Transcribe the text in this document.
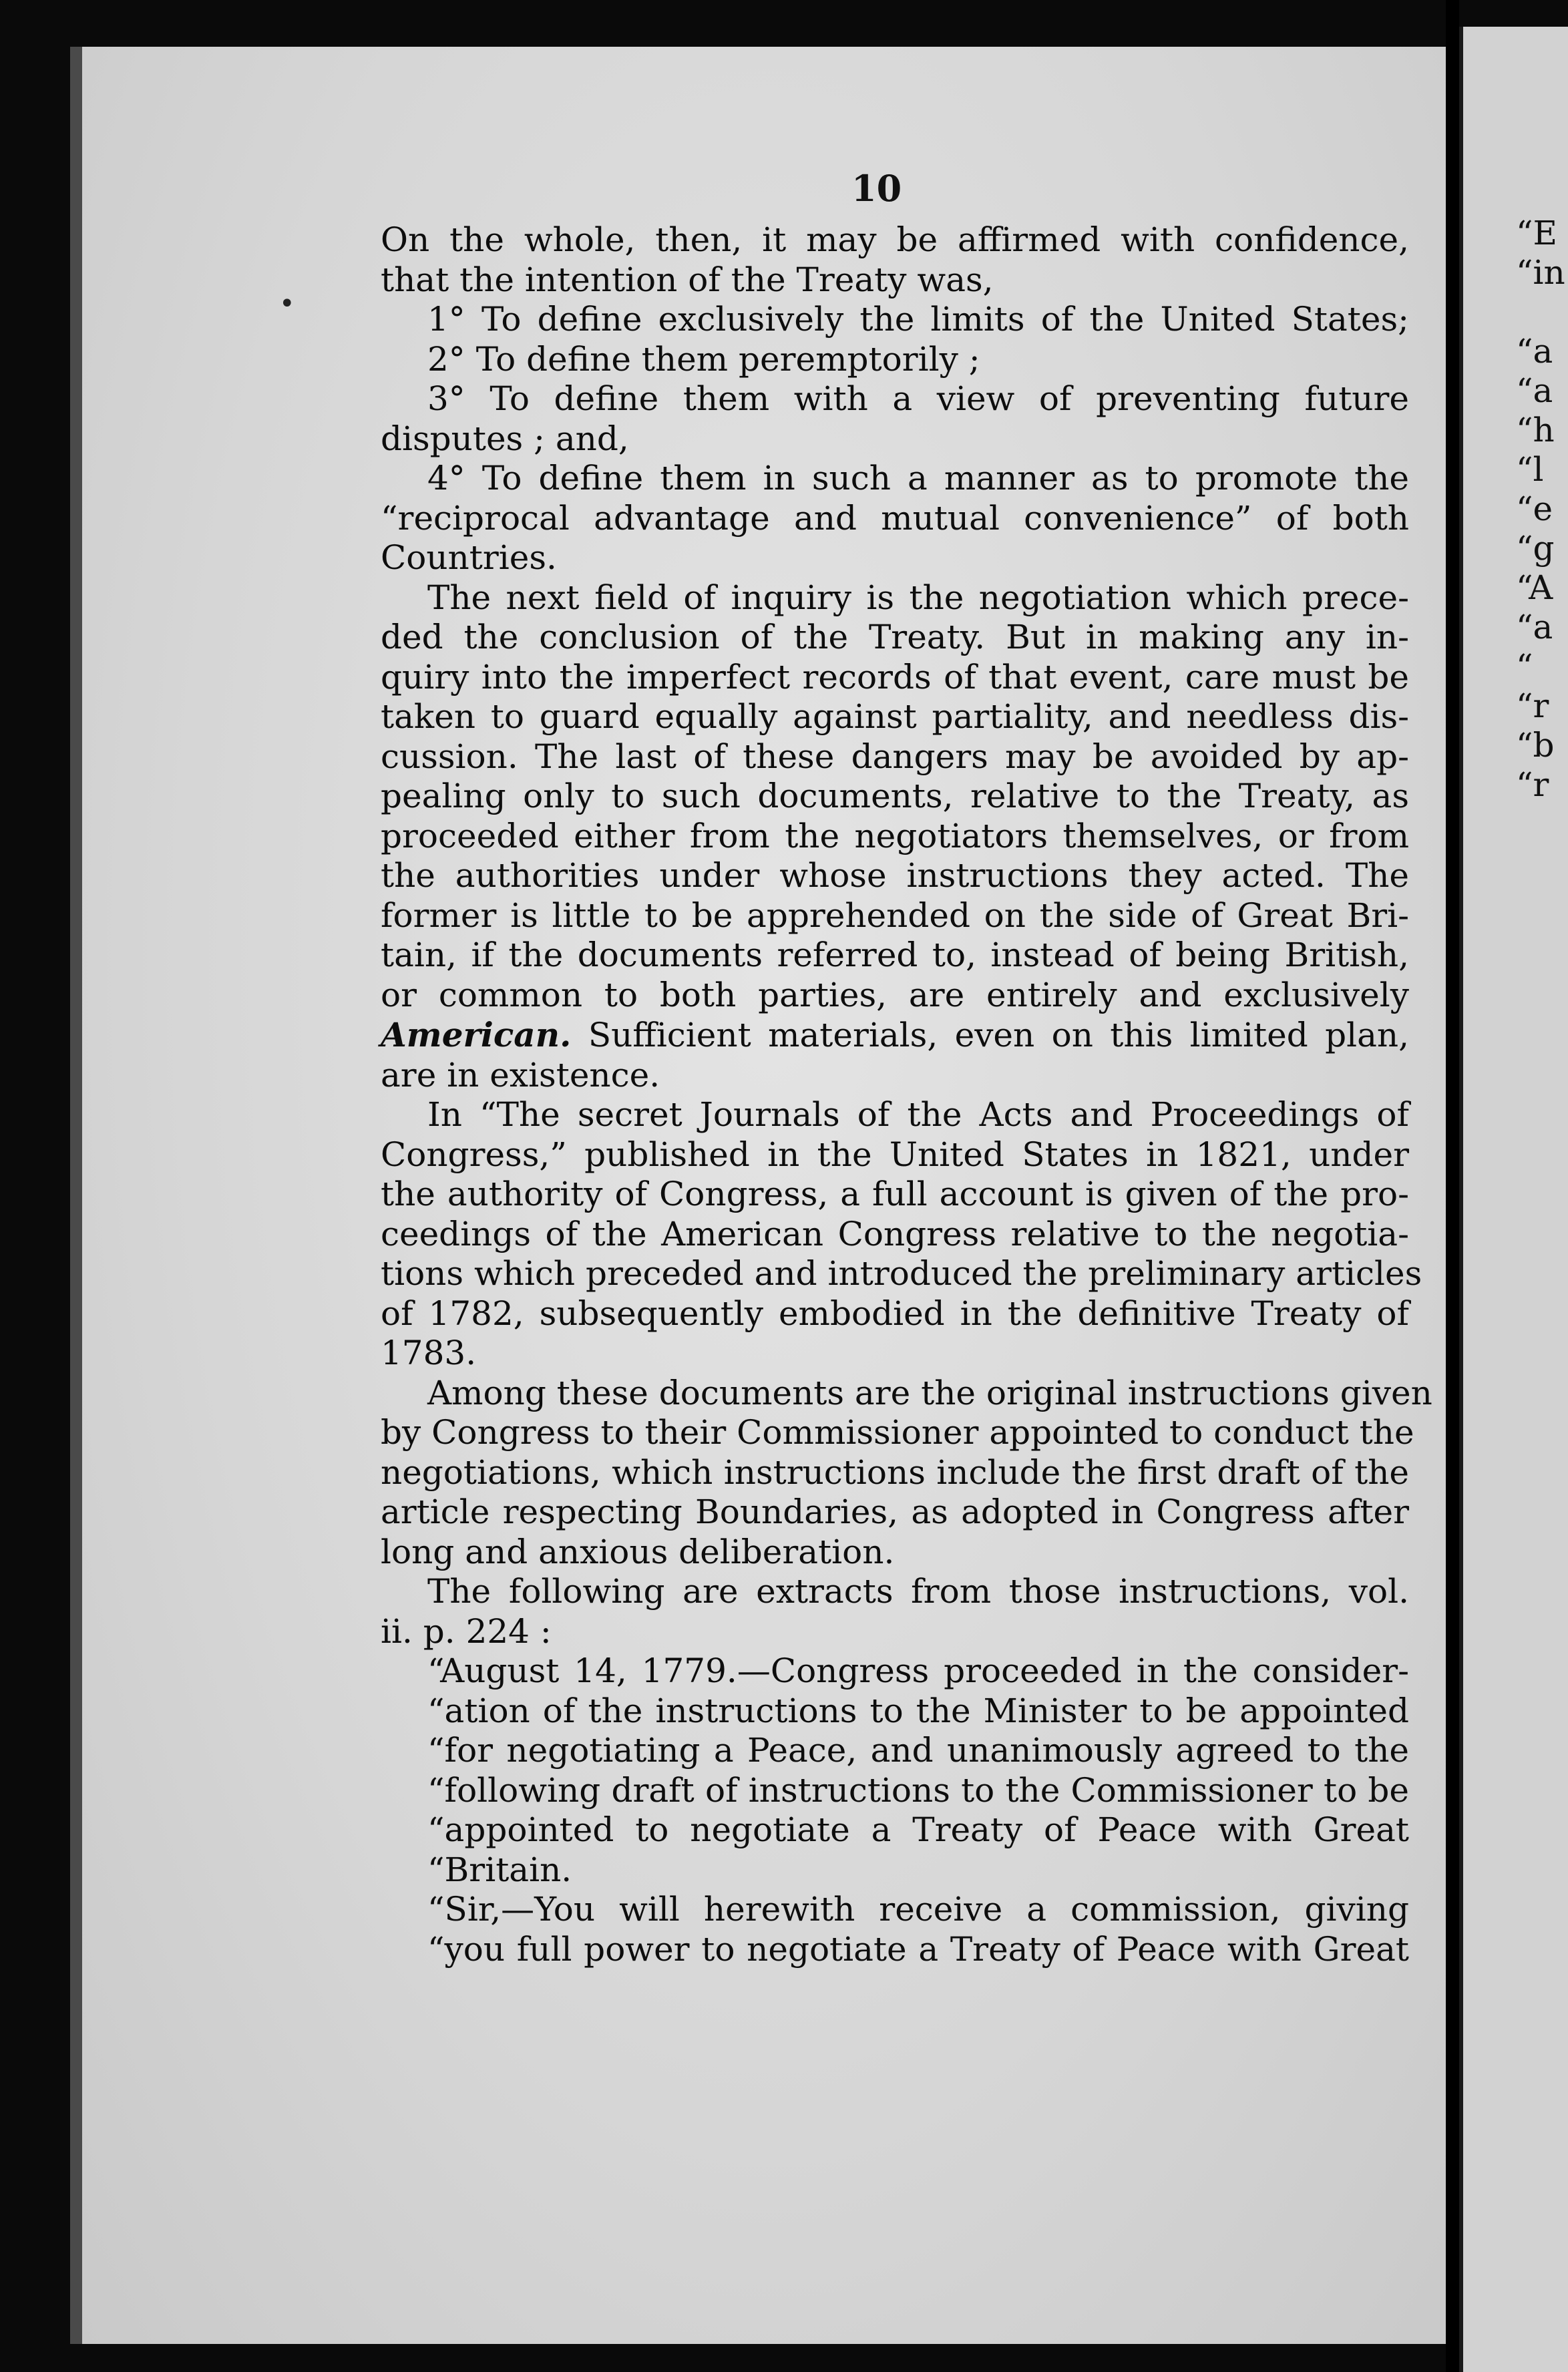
10
•
On the whole, then, it may be affirmed with confidence,
that the intention of the Treaty was,
1° To define exclusively the limits of the United States;
2° To define them peremptorily ;
3° To define them with a view of preventing future
disputes ; and,
4° To define them in such a manner as to promote the
“reciprocal advantage and mutual convenience” of both
Countries.
The next field of inquiry is the negotiation which prece-
ded the conclusion of the Treaty. But in making any in-
quiry into the imperfect records of that event, care must be
taken to guard equally against partiality, and needless dis-
cussion. The last of these dangers may be avoided by ap-
pealing only to such documents, relative to the Treaty, as
proceeded either from the negotiators themselves, or from
the authorities under whose instructions they acted. The
former is little to be apprehended on the side of Great Bri-
tain, if the documents referred to, instead of being British,
or common to both parties, are entirely and exclusively
American. Sufficient materials, even on this limited plan,
are in existence.
In “The secret Journals of the Acts and Proceedings of
Congress,” published in the United States in 1821, under
the authority of Congress, a full account is given of the pro-
ceedings of the American Congress relative to the negotia-
tions which preceded and introduced the preliminary articles
of 1782, subsequently embodied in the definitive Treaty of
1783.
Among these documents are the original instructions given
by Congress to their Commissioner appointed to conduct the
negotiations, which instructions include the first draft of the
article respecting Boundaries, as adopted in Congress after
long and anxious deliberation.
The following are extracts from those instructions, vol.
ii. p. 224 :
“August 14, 1779.—Congress proceeded in the consider-
“ation of the instructions to the Minister to be appointed
“for negotiating a Peace, and unanimously agreed to the
“following draft of instructions to the Commissioner to be
“appointed to negotiate a Treaty of Peace with Great
“Britain.
“Sir,—You will herewith receive a commission, giving
“you full power to negotiate a Treaty of Peace with Great
“E
“in
“a
“a
“h
“l
“e
“g
“A
“a
“
“r
“b
“r
